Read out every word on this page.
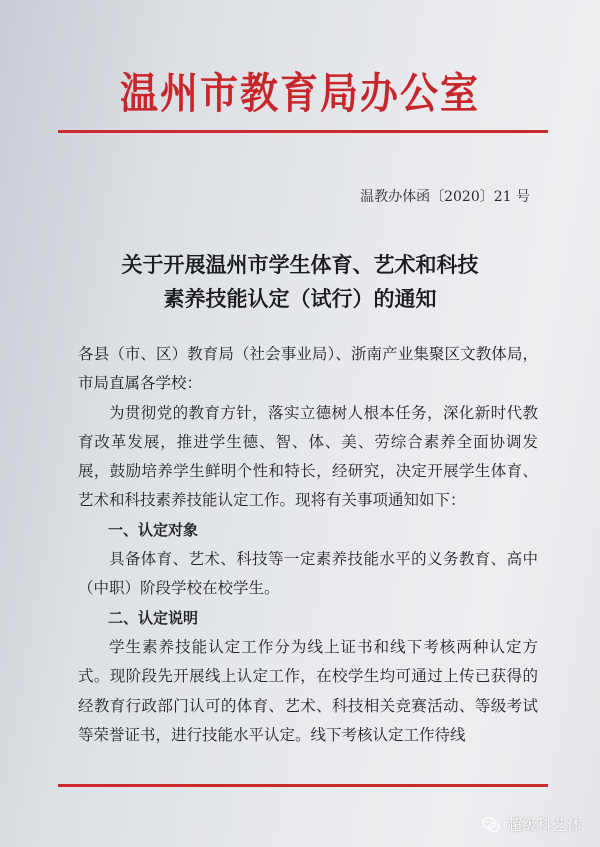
温州市教育局办公室

温教办体函〔2020〕21 号

关于开展温州市学生体育、艺术和科技
素养技能认定（试行）的通知

各县（市、区）教育局（社会事业局）、浙南产业集聚区文教体局，市局直属各学校：

为贯彻党的教育方针，落实立德树人根本任务，深化新时代教育改革发展，推进学生德、智、体、美、劳综合素养全面协调发展，鼓励培养学生鲜明个性和特长，经研究，决定开展学生体育、艺术和科技素养技能认定工作。现将有关事项通知如下：

一、认定对象

具备体育、艺术、科技等一定素养技能水平的义务教育、高中（中职）阶段学校在校学生。

二、认定说明

学生素养技能认定工作分为线上证书和线下考核两种认定方式。现阶段先开展线上认定工作，在校学生均可通过上传已获得的经教育行政部门认可的体育、艺术、科技相关竞赛活动、等级考试等荣誉证书，进行技能水平认定。线下考核认定工作待线

超级科艺体
